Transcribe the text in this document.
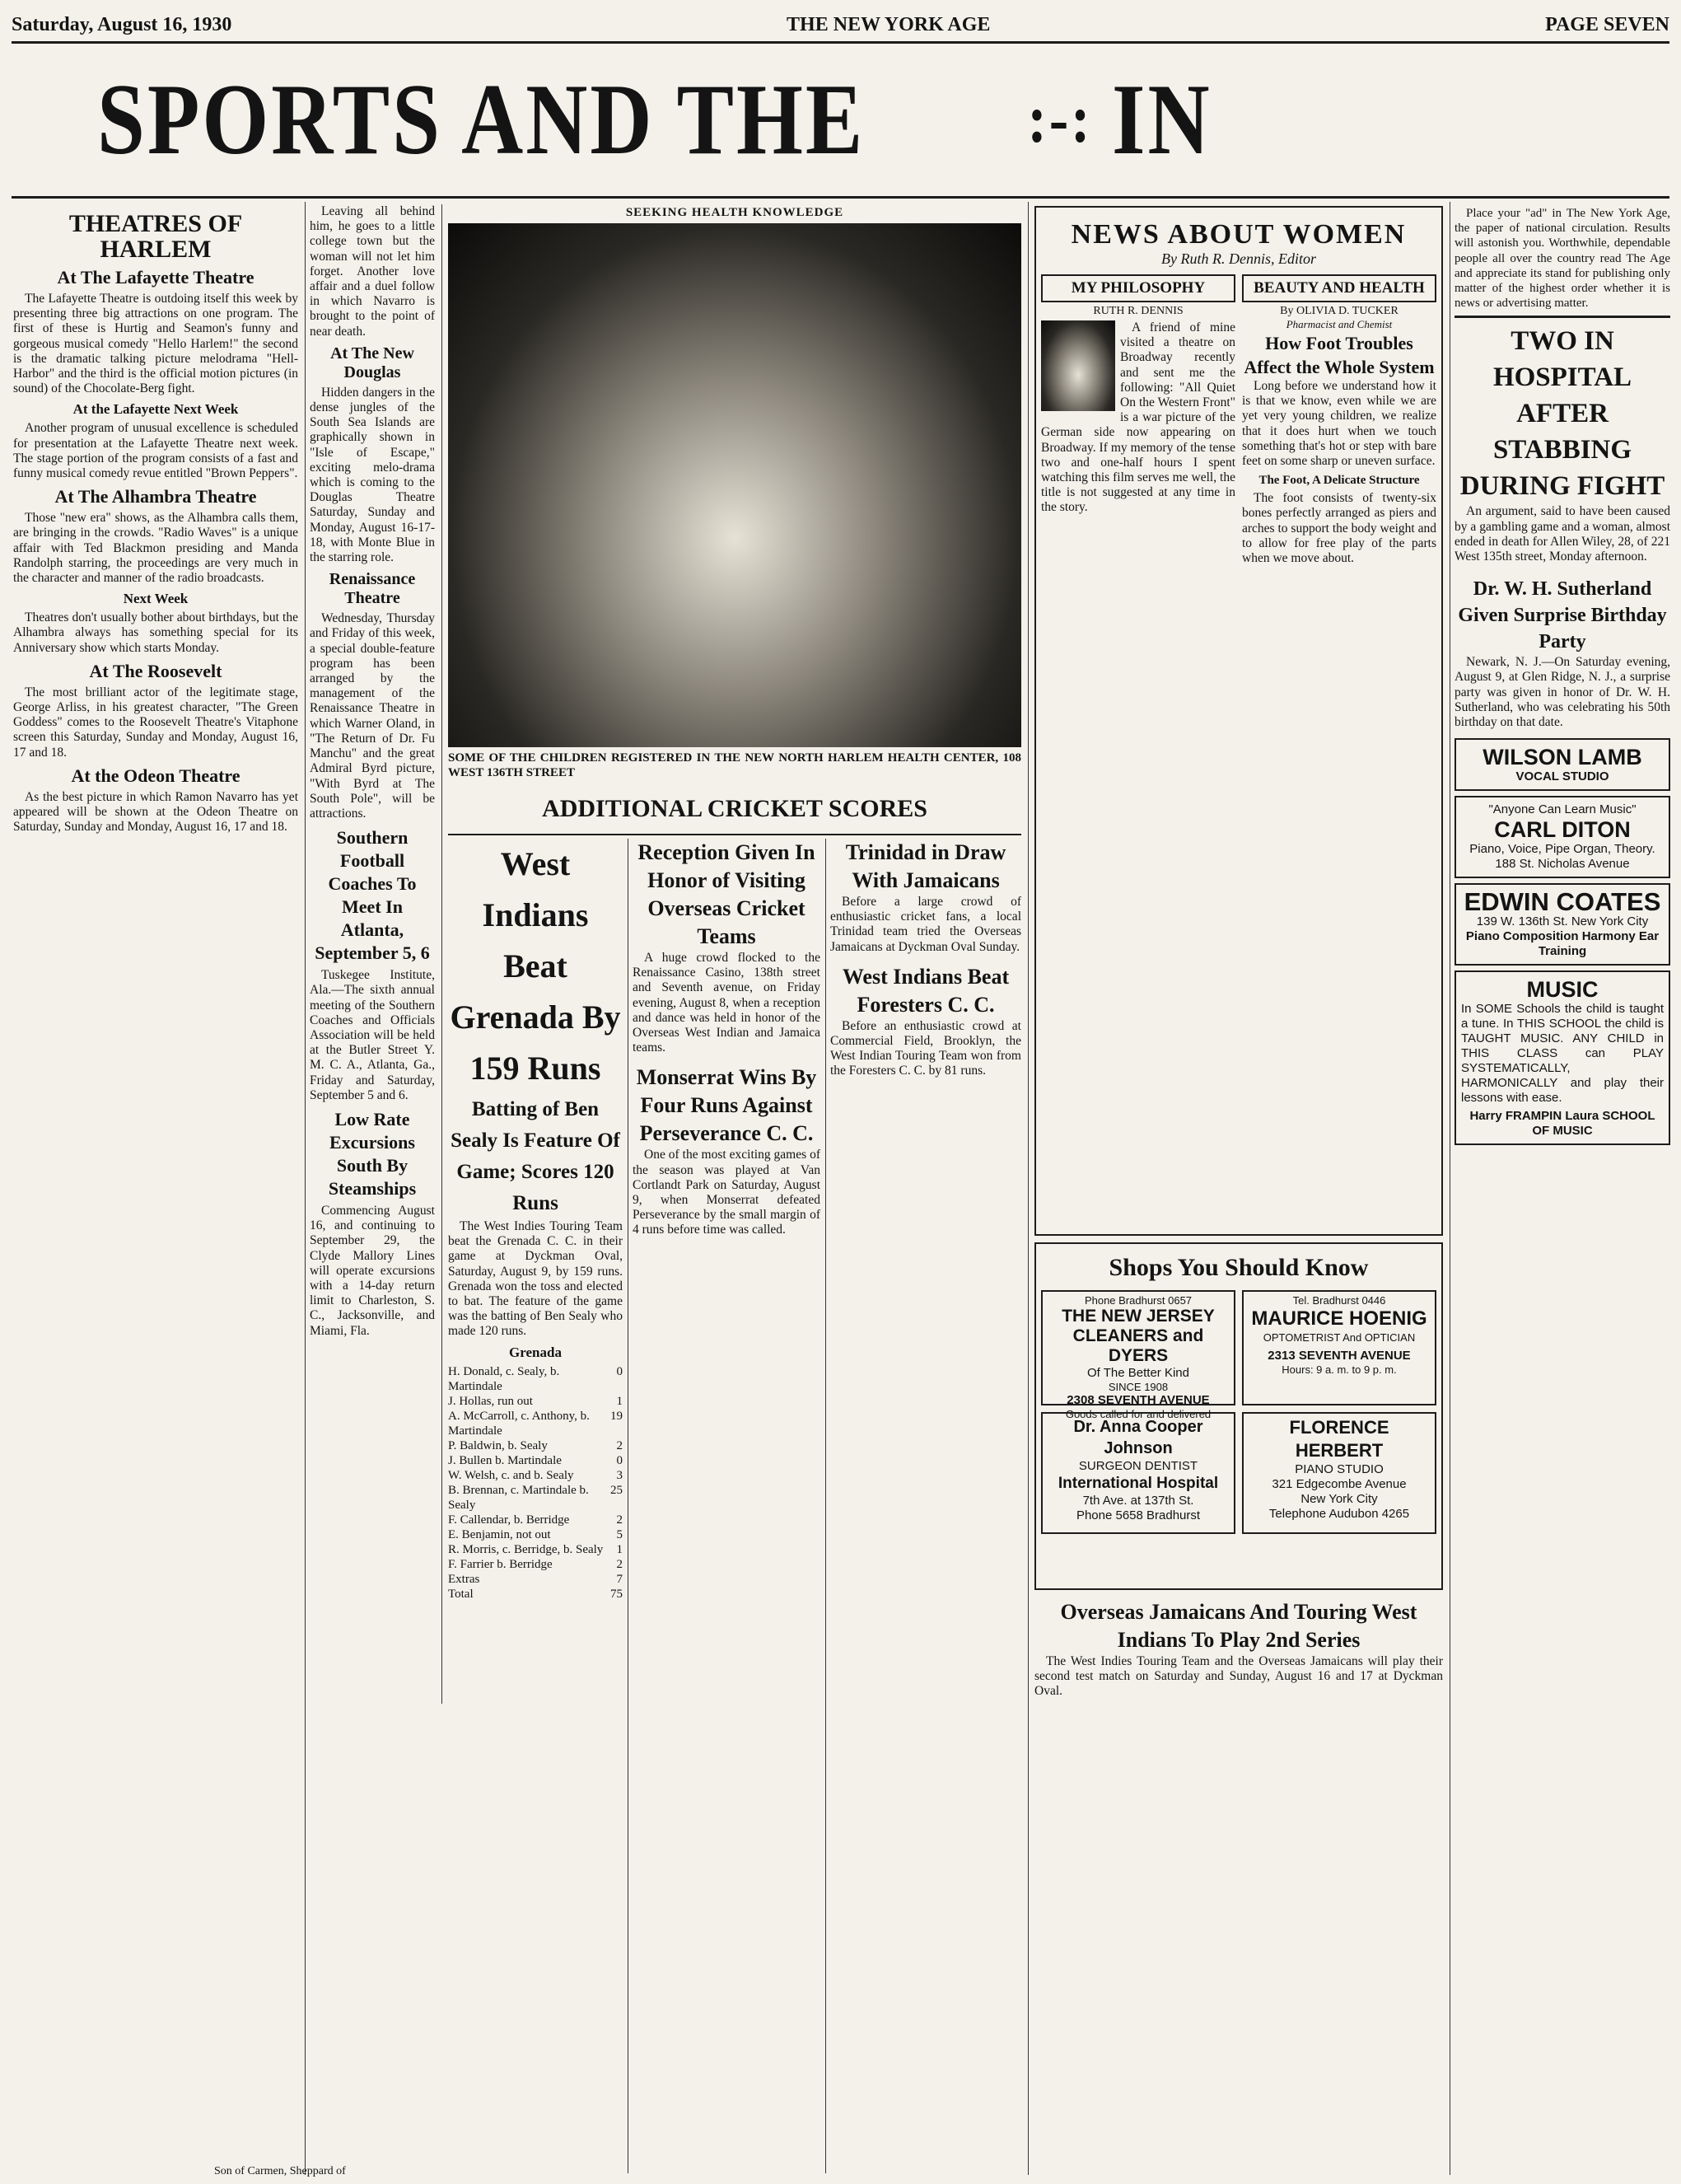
Saturday, August 16, 1930	THE NEW YORK AGE	PAGE SEVEN
SPORTS AND THE	:-: IN
THEATRES OF HARLEM
At The Lafayette Theatre

The Lafayette Theatre is outdoing itself this week by presenting three big attractions on one program. The first of these is Hurtig and Seamon's funny and gorgeous musical comedy "Hello Harlem!" the second is the dramatic talking picture melodrama "Hell-Harbor" and the third is the official motion pictures (in sound) of the Chocolate-Berg fight.

At the Lafayette Next Week

Another program of unusual excellence is scheduled for presentation at the Lafayette Theatre next week. The stage portion of the program consists of a fast and funny musical comedy revue entitled "Brown Peppers".

At The Alhambra Theatre

Those "new era" shows, as the Alhambra calls them, are bringing in the crowds. "Radio Waves" is a unique affair with Ted Blackmon presiding and Manda Randolph starring, the proceedings are very much in the character and manner of the radio broadcasts.

Next Week

Theatres don't usually bother about birthdays, but the Alhambra always has something special for its Anniversary show which starts Monday.

At The Roosevelt

The most brilliant actor of the legitimate stage, George Arliss, in his greatest character, "The Green Goddess" comes to the Roosevelt Theatre's Vitaphone screen this Saturday, Sunday and Monday, August 16, 17 and 18.

At the Odeon Theatre

As the best picture in which Ramon Navarro has yet appeared will be shown at the Odeon Theatre on Saturday, Sunday and Monday, August 16, 17 and 18.

Leaving all behind him, he goes to a little college town but the woman will not let him forget. Another love affair and a duel follow in which Navarro is brought to the point of near death.

At The New Douglas

Hidden dangers in the dense jungles of the South Sea Islands are graphically shown in "Isle of Escape," exciting melo-drama which is coming to the Douglas Theatre Saturday, Sunday and Monday, August 16-17-18, with Monte Blue in the starring role.

Renaissance Theatre

Wednesday, Thursday and Friday of this week, a special double-feature program has been arranged by the management of the Renaissance Theatre in which Warner Oland, in "The Return of Dr. Fu Manchu" and the great Admiral Byrd picture, "With Byrd at The South Pole", will be attractions.

Southern Football Coaches To Meet In Atlanta, September 5, 6

Tuskegee Institute, Ala.—The sixth annual meeting of the Southern Coaches and Officials Association will be held at the Butler Street Y. M. C. A., Atlanta, Ga., Friday and Saturday, September 5 and 6.

Low Rate Excursions South By Steamships

Commencing August 16, and continuing to September 29, the Clyde Mallory Lines will operate excursions with a 14-day return limit to Charleston, S. C., Jacksonville, and Miami, Fla.

SEEKING HEALTH KNOWLEDGE
SOME OF THE CHILDREN REGISTERED IN THE NEW NORTH HARLEM HEALTH CENTER, 108 WEST 136TH STREET
ADDITIONAL CRICKET SCORES
West Indians Beat Grenada By 159 Runs
Batting of Ben Sealy Is Feature Of Game; Scores 120 Runs

The West Indies Touring Team beat the Grenada C. C. in their game at Dyckman Oval, Saturday, August 9, by 159 runs. Grenada won the toss and elected to bat. The feature of the game was the batting of Ben Sealy who made 120 runs.

Grenada
H. Donald, c. Sealy, b. Martindale
0
J. Hollas, run out	1
A. McCarroll, c. Anthony, b. Martindale
19
P. Baldwin, b. Sealy	2
J. Bullen b. Martindale	0
W. Welsh, c. and b. Sealy	3
B. Brennan, c. Martindale b. Sealy
25
F. Callendar, b. Berridge	2
E. Benjamin, not out	5
R. Morris, c. Berridge, b. Sealy 1
F. Farrier b. Berridge	2
Extras	7
Total	75
Reception Given In Honor of Visiting Overseas Cricket Teams

A huge crowd flocked to the Renaissance Casino, 138th street and Seventh avenue, on Friday evening, August 8, when a reception and dance was held in honor of the Overseas West Indian and Jamaica teams.

Monserrat Wins By Four Runs Against Perseverance C. C.

One of the most exciting games of the season was played at Van Cortlandt Park on Saturday, August 9, when Monserrat defeated Perseverance by the small margin of 4 runs before time was called.

Trinidad in Draw With Jamaicans

Before a large crowd of enthusiastic cricket fans, a local Trinidad team tried the Overseas Jamaicans at Dyckman Oval Sunday.

West Indians Beat Foresters C. C.

Before an enthusiastic crowd at Commercial Field, Brooklyn, the West Indian Touring Team won from the Foresters C. C. by 81 runs.

NEWS ABOUT WOMEN
By Ruth R. Dennis, Editor
MY PHILOSOPHY
RUTH R. DENNIS

A friend of mine visited a theatre on Broadway recently and sent me the following: "All Quiet On the Western Front" is a war picture of the German side now appearing on Broadway. If my memory of the tense two and one-half hours I spent watching this film serves me well, the title is not suggested at any time in the story.

BEAUTY AND HEALTH
By OLIVIA D. TUCKER
Pharmacist and Chemist
How Foot Troubles Affect the Whole System

Long before we understand how it is that we know, even while we are yet very young children, we realize that it does hurt when we touch something that's hot or step with bare feet on some sharp or uneven surface.

The Foot, A Delicate Structure

The foot consists of twenty-six bones perfectly arranged as piers and arches to support the body weight and to allow for free play of the parts when we move about.

Shops You Should Know
Phone Bradhurst 0657
THE NEW JERSEY CLEANERS and DYERS
Of The Better Kind
SINCE 1908
2308 SEVENTH AVENUE
Goods called for and delivered
Tel. Bradhurst 0446
MAURICE HOENIG
OPTOMETRIST And OPTICIAN
2313 SEVENTH AVENUE
Hours: 9 a. m. to 9 p. m.
Dr. Anna Cooper Johnson
SURGEON DENTIST
International Hospital
7th Ave. at 137th St.
Phone 5658 Bradhurst
FLORENCE HERBERT
PIANO STUDIO
321 Edgecombe Avenue
New York City
Telephone Audubon 4265
Overseas Jamaicans And Touring West Indians To Play 2nd Series

The West Indies Touring Team and the Overseas Jamaicans will play their second test match on Saturday and Sunday, August 16 and 17 at Dyckman Oval.

Place your "ad" in The New York Age, the paper of national circulation. Results will astonish you. Worthwhile, dependable people all over the country read The Age and appreciate its stand for publishing only matter of the highest order whether it is news or advertising matter.

TWO IN HOSPITAL AFTER STABBING DURING FIGHT

An argument, said to have been caused by a gambling game and a woman, almost ended in death for Allen Wiley, 28, of 221 West 135th street, Monday afternoon.

Dr. W. H. Sutherland Given Surprise Birthday Party

Newark, N. J.—On Saturday evening, August 9, at Glen Ridge, N. J., a surprise party was given in honor of Dr. W. H. Sutherland, who was celebrating his 50th birthday on that date.

WILSON LAMB
VOCAL STUDIO
"Anyone Can Learn Music"
CARL DITON
Piano, Voice, Pipe Organ, Theory.
188 St. Nicholas Avenue
EDWIN COATES
139 W. 136th St. New York City
Piano Composition Harmony Ear Training
MUSIC
In SOME Schools the child is taught a tune. In THIS SCHOOL the child is TAUGHT MUSIC. ANY CHILD in THIS CLASS can PLAY SYSTEMATICALLY, HARMONICALLY and play their lessons with ease.
Harry FRAMPIN Laura SCHOOL OF MUSIC
Son of Carmen, Sheppard of
